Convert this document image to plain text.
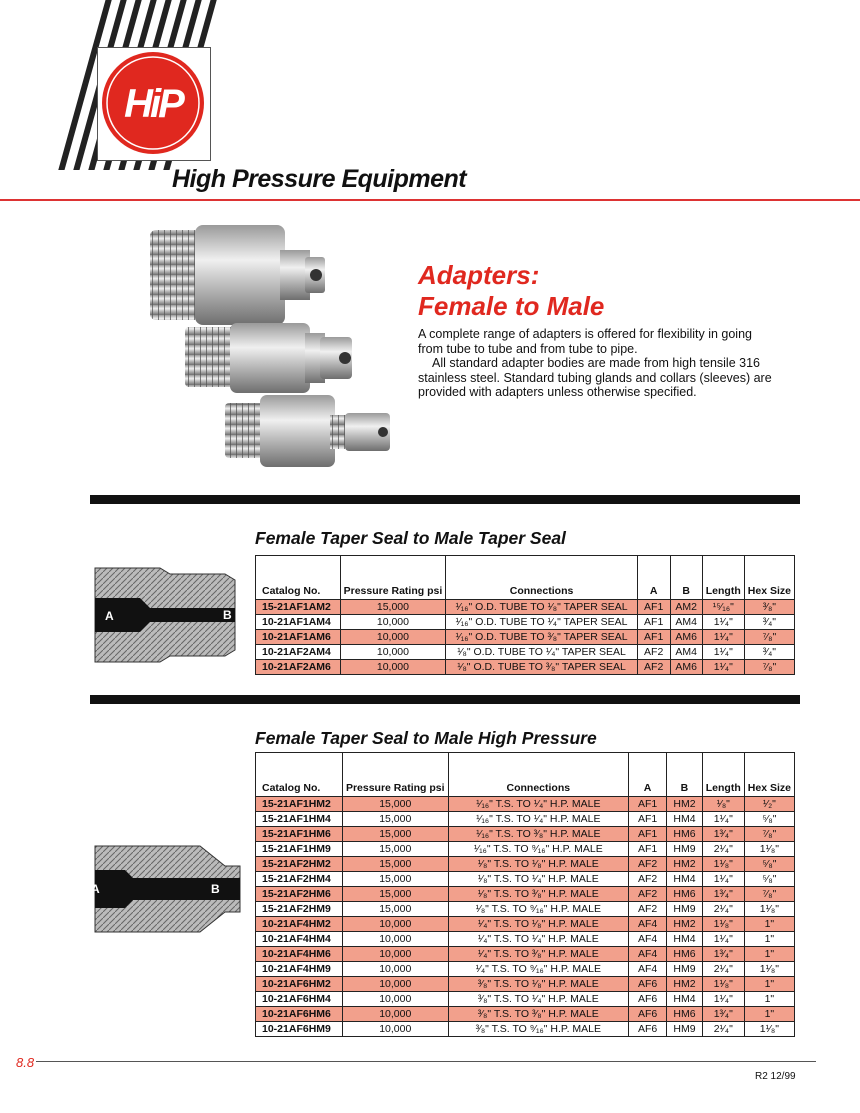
HiP
High Pressure Equipment
Adapters:
Female to Male

A complete range of adapters is offered for flexibility in going from tube to tube and from tube to pipe.

All standard adapter bodies are made from high tensile 316 stainless steel. Standard tubing glands and collars (sleeves) are provided with adapters unless otherwise specified.

Female Taper Seal to Male Taper Seal
A	B
Catalog No.	Pressure Rating psi	Connections	A	B	Length	Hex Size
15-21AF1AM2	15,000	¹⁄₁₆" O.D. TUBE TO ¹⁄₈" TAPER SEAL	AF1	AM2	¹⁵⁄₁₆"	³⁄₈"
10-21AF1AM4	10,000	¹⁄₁₆" O.D. TUBE TO ¹⁄₄" TAPER SEAL	AF1	AM4	1¹⁄₄"	³⁄₄"
10-21AF1AM6	10,000	¹⁄₁₆" O.D. TUBE TO ³⁄₈" TAPER SEAL	AF1	AM6	1¹⁄₄"	⁷⁄₈"
10-21AF2AM4	10,000	¹⁄₈" O.D. TUBE TO ¹⁄₄" TAPER SEAL	AF2	AM4	1¹⁄₄"	³⁄₄"
10-21AF2AM6	10,000	¹⁄₈" O.D. TUBE TO ³⁄₈" TAPER SEAL	AF2	AM6	1¹⁄₄"	⁷⁄₈"
Female Taper Seal to Male High Pressure
A	B
Catalog No.	Pressure Rating psi	Connections	A	B	Length	Hex Size
15-21AF1HM2	15,000	¹⁄₁₆" T.S. TO ¹⁄₄" H.P. MALE	AF1	HM2	¹⁄₈"	¹⁄₂"
15-21AF1HM4	15,000	¹⁄₁₆" T.S. TO ¹⁄₄" H.P. MALE	AF1	HM4	1¹⁄₄"	⁵⁄₈"
15-21AF1HM6	15,000	¹⁄₁₆" T.S. TO ³⁄₈" H.P. MALE	AF1	HM6	1³⁄₄"	⁷⁄₈"
15-21AF1HM9	15,000	¹⁄₁₆" T.S. TO ⁹⁄₁₆" H.P. MALE	AF1	HM9	2¹⁄₄"	1¹⁄₈"
15-21AF2HM2	15,000	¹⁄₈" T.S. TO ¹⁄₈" H.P. MALE	AF2	HM2	1¹⁄₈"	⁵⁄₈"
15-21AF2HM4	15,000	¹⁄₈" T.S. TO ¹⁄₄" H.P. MALE	AF2	HM4	1¹⁄₄"	⁵⁄₈"
15-21AF2HM6	15,000	¹⁄₈" T.S. TO ³⁄₈" H.P. MALE	AF2	HM6	1³⁄₄"	⁷⁄₈"
15-21AF2HM9	15,000	¹⁄₈" T.S. TO ⁹⁄₁₆" H.P. MALE	AF2	HM9	2¹⁄₄"	1¹⁄₈"
10-21AF4HM2	10,000	¹⁄₄" T.S. TO ¹⁄₈" H.P. MALE	AF4	HM2	1¹⁄₈"	1"
10-21AF4HM4	10,000	¹⁄₄" T.S. TO ¹⁄₄" H.P. MALE	AF4	HM4	1¹⁄₄"	1"
10-21AF4HM6	10,000	¹⁄₄" T.S. TO ³⁄₈" H.P. MALE	AF4	HM6	1³⁄₄"	1"
10-21AF4HM9	10,000	¹⁄₄" T.S. TO ⁹⁄₁₆" H.P. MALE	AF4	HM9	2¹⁄₄"	1¹⁄₈"
10-21AF6HM2	10,000	³⁄₈" T.S. TO ¹⁄₈" H.P. MALE	AF6	HM2	1¹⁄₈"	1"
10-21AF6HM4	10,000	³⁄₈" T.S. TO ¹⁄₄" H.P. MALE	AF6	HM4	1¹⁄₄"	1"
10-21AF6HM6	10,000	³⁄₈" T.S. TO ³⁄₈" H.P. MALE	AF6	HM6	1³⁄₄"	1"
10-21AF6HM9	10,000	³⁄₈" T.S. TO ⁹⁄₁₆" H.P. MALE	AF6	HM9	2¹⁄₄"	1¹⁄₈"
8.8
R2 12/99
